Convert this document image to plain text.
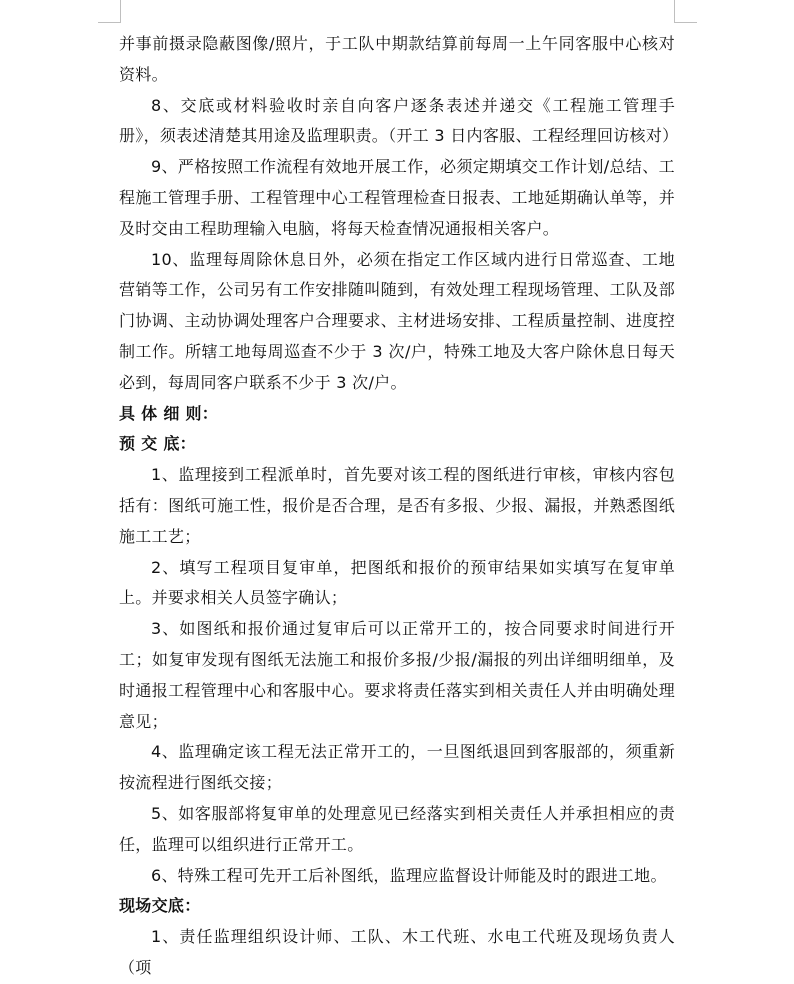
并事前摄录隐蔽图像/照片，于工队中期款结算前每周一上午同客服中心核对资料。

8、交底或材料验收时亲自向客户逐条表述并递交《工程施工管理手册》，须表述清楚其用途及监理职责。（开工 3 日内客服、工程经理回访核对）

9、严格按照工作流程有效地开展工作，必须定期填交工作计划/总结、工程施工管理手册、工程管理中心工程管理检查日报表、工地延期确认单等，并及时交由工程助理输入电脑，将每天检查情况通报相关客户。

10、监理每周除休息日外，必须在指定工作区域内进行日常巡查、工地营销等工作，公司另有工作安排随叫随到，有效处理工程现场管理、工队及部门协调、主动协调处理客户合理要求、主材进场安排、工程质量控制、进度控制工作。所辖工地每周巡查不少于 3 次/户，特殊工地及大客户除休息日每天必到，每周同客户联系不少于 3 次/户。

具 体 细 则：

预 交 底：

1、监理接到工程派单时，首先要对该工程的图纸进行审核，审核内容包括有：图纸可施工性，报价是否合理，是否有多报、少报、漏报，并熟悉图纸施工工艺；

2、填写工程项目复审单，把图纸和报价的预审结果如实填写在复审单上。并要求相关人员签字确认；

3、如图纸和报价通过复审后可以正常开工的，按合同要求时间进行开工；如复审发现有图纸无法施工和报价多报/少报/漏报的列出详细明细单，及时通报工程管理中心和客服中心。要求将责任落实到相关责任人并由明确处理意见；

4、监理确定该工程无法正常开工的，一旦图纸退回到客服部的，须重新按流程进行图纸交接；

5、如客服部将复审单的处理意见已经落实到相关责任人并承担相应的责任，监理可以组织进行正常开工。

6、特殊工程可先开工后补图纸，监理应监督设计师能及时的跟进工地。

现场交底：

1、责任监理组织设计师、工队、木工代班、水电工代班及现场负责人（项
